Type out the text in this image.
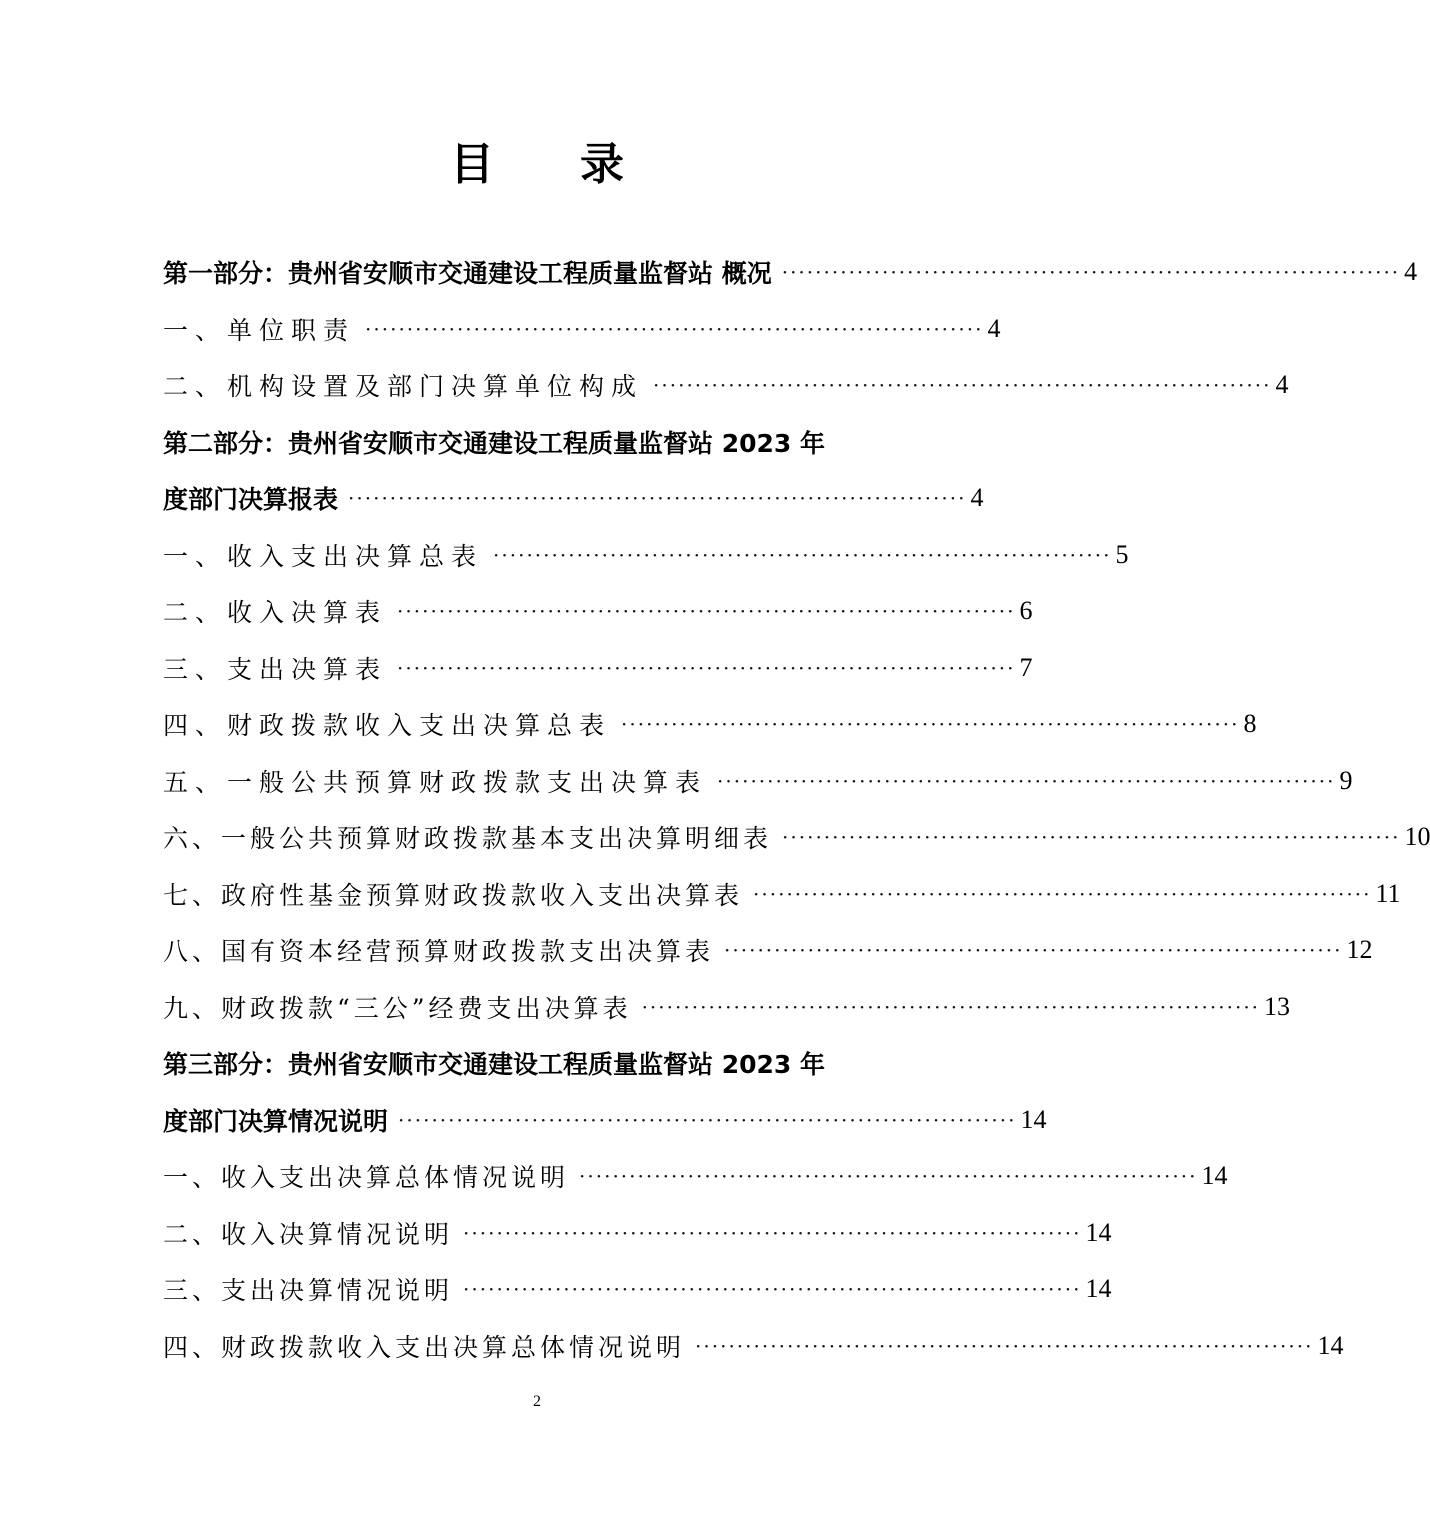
目 录
第一部分：贵州省安顺市交通建设工程质量监督站 概况 ·········································································· 4
一、单位职责 ·········································································· 4
二、机构设置及部门决算单位构成 ·········································································· 4
第二部分：贵州省安顺市交通建设工程质量监督站 2023 年
度部门决算报表 ·········································································· 4
一、收入支出决算总表 ·········································································· 5
二、收入决算表 ·········································································· 6
三、支出决算表 ·········································································· 7
四、财政拨款收入支出决算总表 ·········································································· 8
五、一般公共预算财政拨款支出决算表 ·········································································· 9
六、一般公共预算财政拨款基本支出决算明细表 ·········································································· 10
七、政府性基金预算财政拨款收入支出决算表 ·········································································· 11
八、国有资本经营预算财政拨款支出决算表 ·········································································· 12
九、财政拨款“三公”经费支出决算表 ·········································································· 13
第三部分：贵州省安顺市交通建设工程质量监督站 2023 年
度部门决算情况说明 ·········································································· 14
一、收入支出决算总体情况说明 ·········································································· 14
二、收入决算情况说明 ·········································································· 14
三、支出决算情况说明 ·········································································· 14
四、财政拨款收入支出决算总体情况说明 ·········································································· 14
2
